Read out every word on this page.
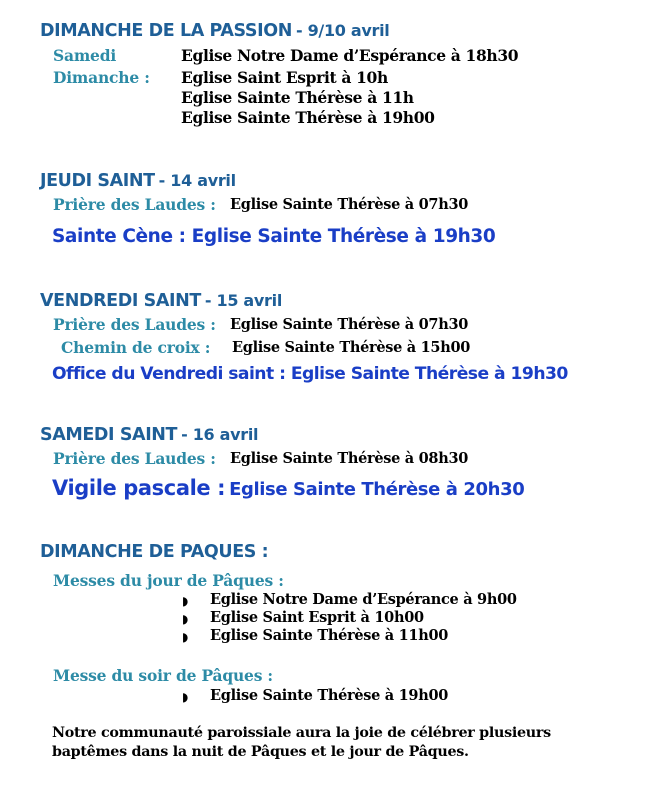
DIMANCHE DE LA PASSION - 9/10 avril
Samedi	Eglise Notre Dame d’Espérance à 18h30
Dimanche : Eglise Saint Esprit à 10h
Eglise Sainte Thérèse à 11h
Eglise Sainte Thérèse à 19h00
JEUDI SAINT - 14 avril
Prière des Laudes : Eglise Sainte Thérèse à 07h30
Sainte Cène : Eglise Sainte Thérèse à 19h30
VENDREDI SAINT - 15 avril
Prière des Laudes : Eglise Sainte Thérèse à 07h30
Chemin de croix : Eglise Sainte Thérèse à 15h00
Office du Vendredi saint : Eglise Sainte Thérèse à 19h30
SAMEDI SAINT - 16 avril
Prière des Laudes : Eglise Sainte Thérèse à 08h30
Vigile pascale : Eglise Sainte Thérèse à 20h30
DIMANCHE DE PAQUES :
Messes du jour de Pâques :
◗ Eglise Notre Dame d’Espérance à 9h00
◗ Eglise Saint Esprit à 10h00
◗ Eglise Sainte Thérèse à 11h00
Messe du soir de Pâques :
◗ Eglise Sainte Thérèse à 19h00
Notre communauté paroissiale aura la joie de célébrer plusieurs
baptêmes dans la nuit de Pâques et le jour de Pâques.
